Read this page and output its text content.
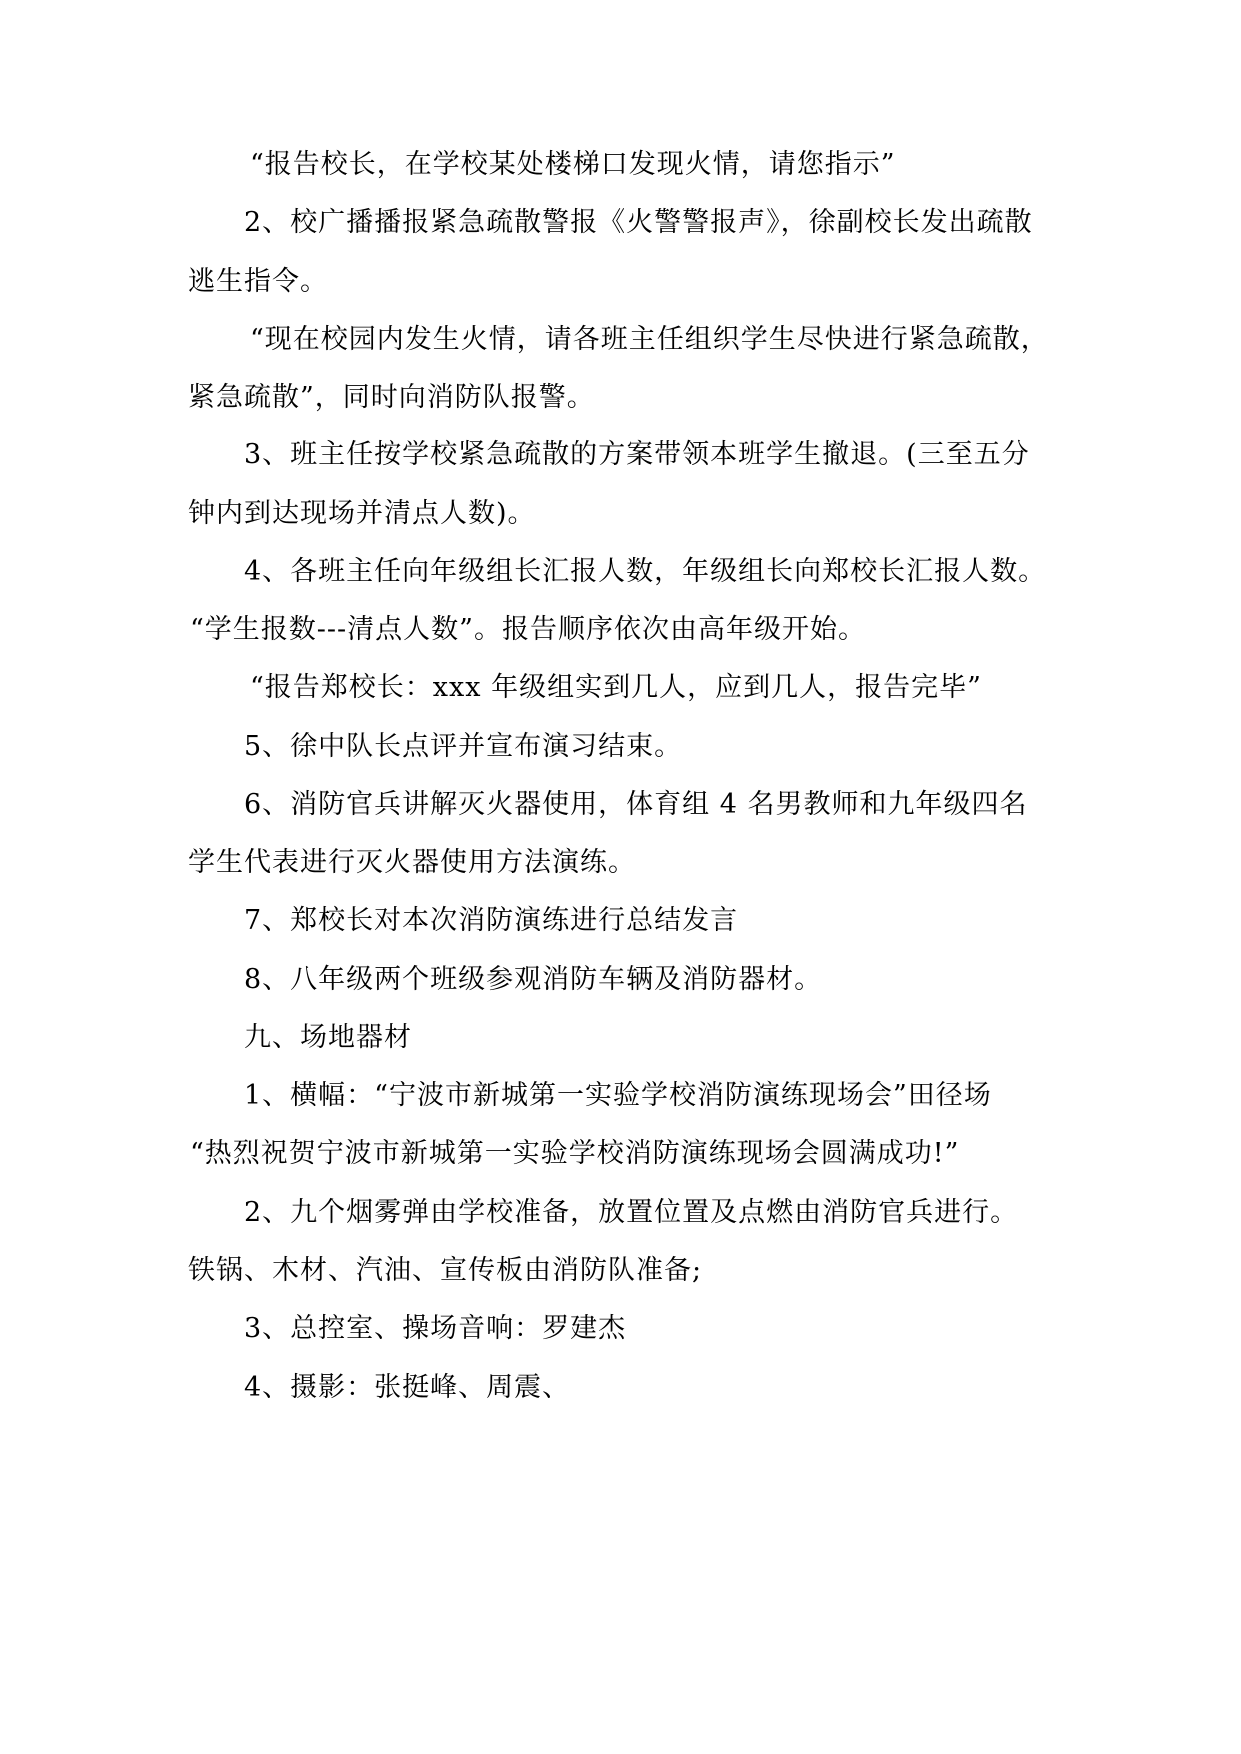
“报告校长，在学校某处楼梯口发现火情，请您指示”
2、校广播播报紧急疏散警报《火警警报声》，徐副校长发出疏散
逃生指令。
“现在校园内发生火情，请各班主任组织学生尽快进行紧急疏散，
紧急疏散”，同时向消防队报警。
3、班主任按学校紧急疏散的方案带领本班学生撤退。(三至五分
钟内到达现场并清点人数)。
4、各班主任向年级组长汇报人数，年级组长向郑校长汇报人数。
“学生报数---清点人数”。报告顺序依次由高年级开始。
“报告郑校长：xxx 年级组实到几人，应到几人，报告完毕”
5、徐中队长点评并宣布演习结束。
6、消防官兵讲解灭火器使用，体育组 4 名男教师和九年级四名
学生代表进行灭火器使用方法演练。
7、郑校长对本次消防演练进行总结发言
8、八年级两个班级参观消防车辆及消防器材。
九、场地器材
1、横幅：“宁波市新城第一实验学校消防演练现场会”田径场
“热烈祝贺宁波市新城第一实验学校消防演练现场会圆满成功!”
2、九个烟雾弹由学校准备，放置位置及点燃由消防官兵进行。
铁锅、木材、汽油、宣传板由消防队准备;
3、总控室、操场音响：罗建杰
4、摄影：张挺峰、周震、
